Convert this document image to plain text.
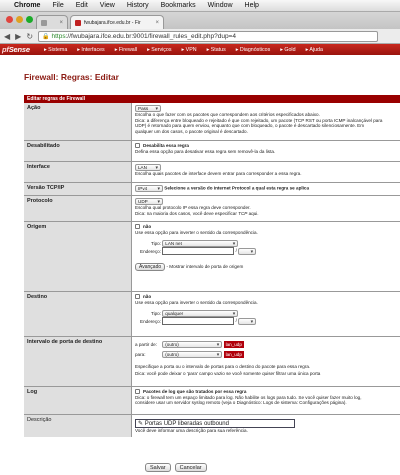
Chrome File Edit View History Bookmarks Window Help
×	fwubajara.ifce.edu.br - Fir ×
◀ ▶ ↻ 🔒 https ://fwubajara.ifce.edu.br:9001/firewall_rules_edit.php?dup=4
pfSense	▸ Sistema ▸ Interfaces ▸ Firewall ▸ Serviços ▸ VPN ▸ Status ▸ Diagnósticos ▸ Gold ▸ Ajuda
Firewall: Regras: Editar
Editar regras de Firewall
Ação	Pass ▾
Escolha o que fazer com os pacotes que correspondem aos critérios especificados abaixo.
Dica: a diferença entre bloqueado e rejeitado é que com rejeitado, um pacote (TCP RST ou porta ICMP inalcançável para
UDP) é retornado para quem enviou, enquanto que com bloqueado, o pacote é descartado silenciosamente. Em
qualquer um dos casos, o pacote original é descartado.
Desabilitado	Desabilita essa regra
Defina essa opção para desativar essa regra sem removê-la da lista.
Interface	LAN ▾
Escolha quais pacotes de interface devem entrar para corresponder a essa regra.
Versão TCP/IP	IPv4 ▾	Selecione a versão do Internet Protocol a qual esta regra se aplica
Protocolo	UDP ▾
Escolha qual protocolo IP essa regra deve corresponder.
Dica: na maioria dos casos, você deve especificar TCP aqui.
Origem	não
Use essa opção para inverter o sentido da correspondência.

Tipo: LAN net ▾
Endereço:	/ ▾

Avançado - Mostrar intervalo de porta de origem
Destino	não
Use essa opção para inverter o sentido da correspondência.

Tipo: qualquer ▾
Endereço:	/ ▾
Intervalo de porta de destino	a partir de: (outro) ▾	lan_udp

para:	(outro) ▾	lan_udp

Especifique a porta ou o intervalo de portas para o destino do pacote para essa regra.
Dica: você pode deixar o 'para' campo vazio se você somente quiser filtrar uma única porta
Log	Pacotes de log que são tratados por essa regra
Dica: o firewall tem um espaço limitado para log. Não habilite os logs para tudo. Se você quiser fazer muito log,
considere usar um servidor syslog remoto (veja o Diagnóstico: Logs de sistema: Configurações página).
Descrição
✎ Portas UDP liberadas outbound
Você deve informar uma descrição para sua referência.
Salvar	Cancelar
